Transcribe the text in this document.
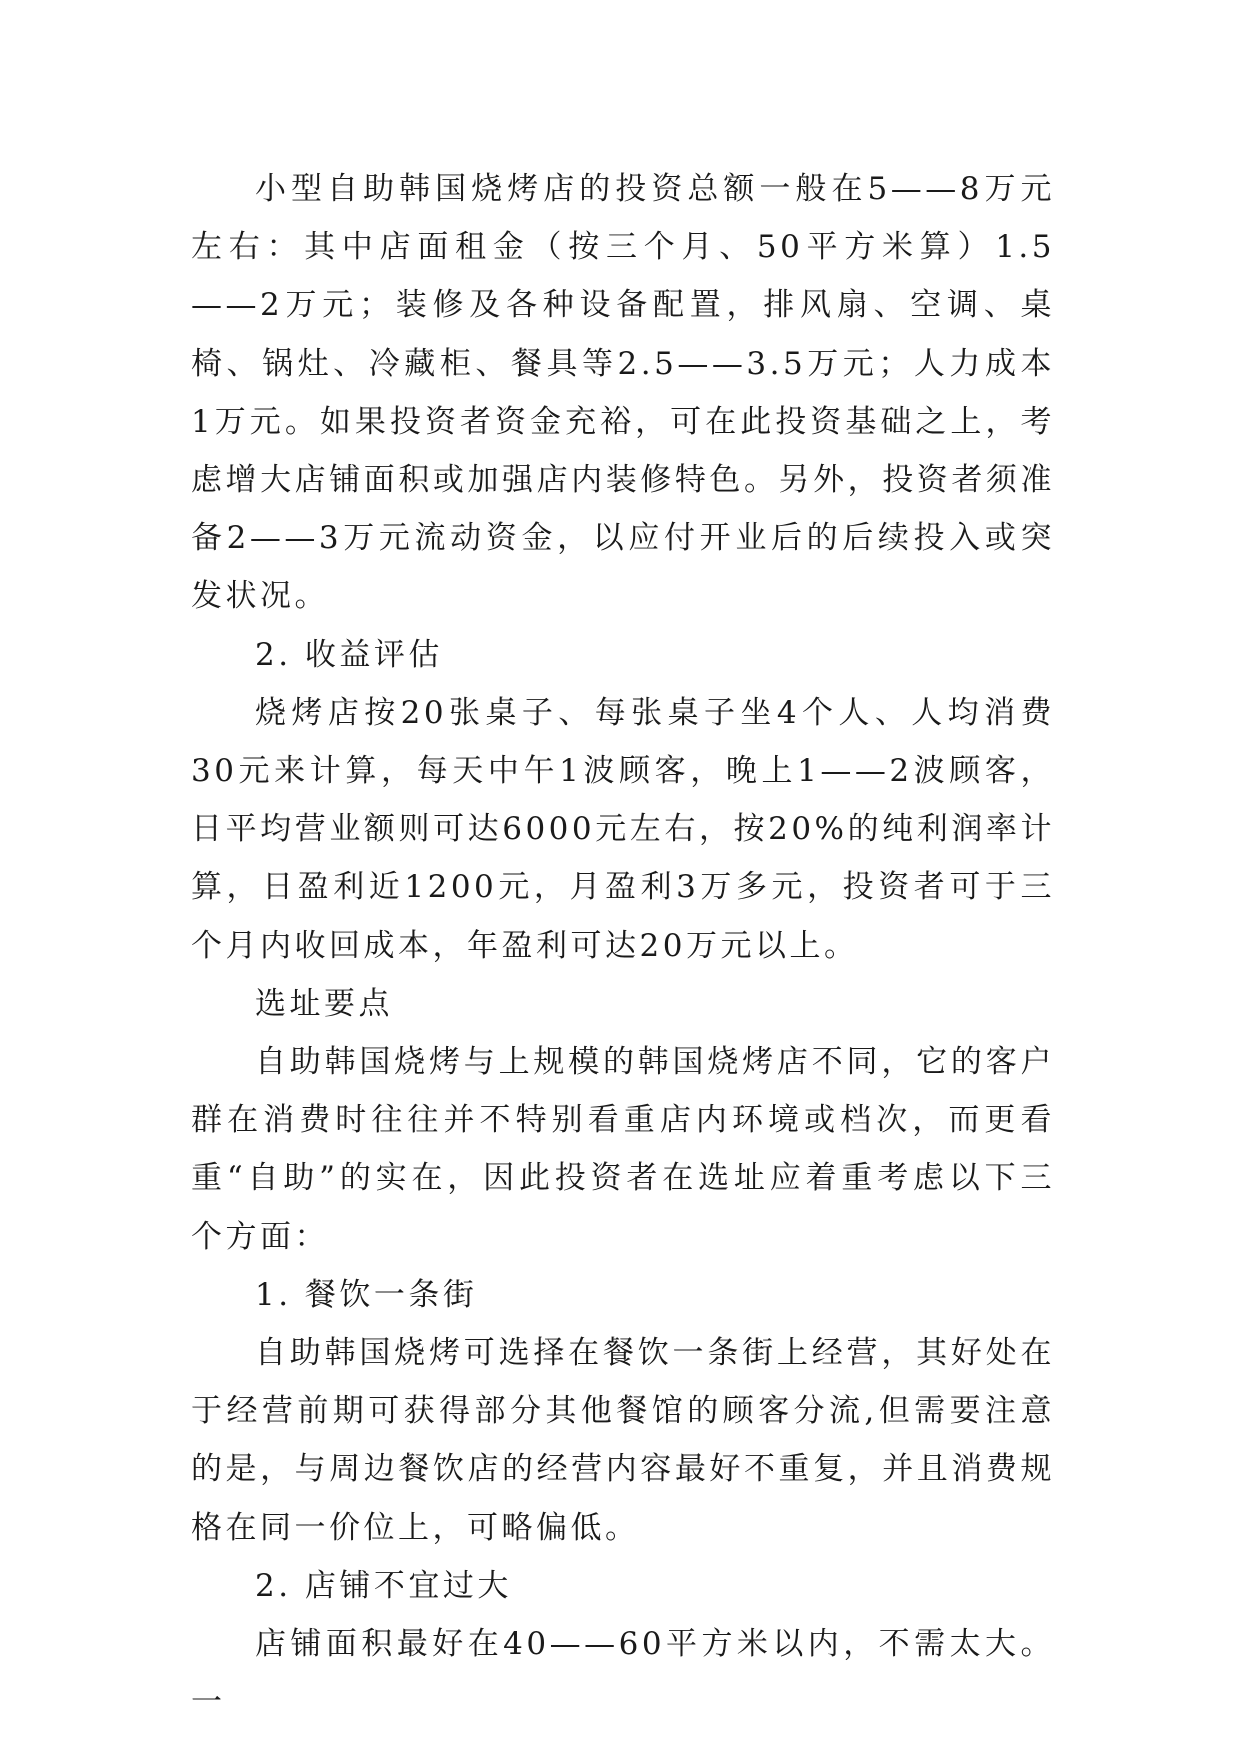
小型自助韩国烧烤店的投资总额一般在5——8万元左右：其中店面租金（按三个月、50平方米算）1.5——2万元；装修及各种设备配置，排风扇、空调、桌椅、锅灶、冷藏柜、餐具等2.5——3.5万元；人力成本1万元。如果投资者资金充裕，可在此投资基础之上，考虑增大店铺面积或加强店内装修特色。另外，投资者须准备2——3万元流动资金，以应付开业后的后续投入或突发状况。

2. 收益评估

烧烤店按20张桌子、每张桌子坐4个人、人均消费30元来计算，每天中午1波顾客，晚上1——2波顾客，日平均营业额则可达6000元左右，按20%的纯利润率计算，日盈利近1200元，月盈利3万多元，投资者可于三个月内收回成本，年盈利可达20万元以上。

选址要点

自助韩国烧烤与上规模的韩国烧烤店不同，它的客户群在消费时往往并不特别看重店内环境或档次，而更看重“自助”的实在，因此投资者在选址应着重考虑以下三个方面：

1. 餐饮一条街

自助韩国烧烤可选择在餐饮一条街上经营，其好处在于经营前期可获得部分其他餐馆的顾客分流,但需要注意的是，与周边餐饮店的经营内容最好不重复，并且消费规格在同一价位上，可略偏低。

2. 店铺不宜过大

店铺面积最好在40——60平方米以内，不需太大。一
